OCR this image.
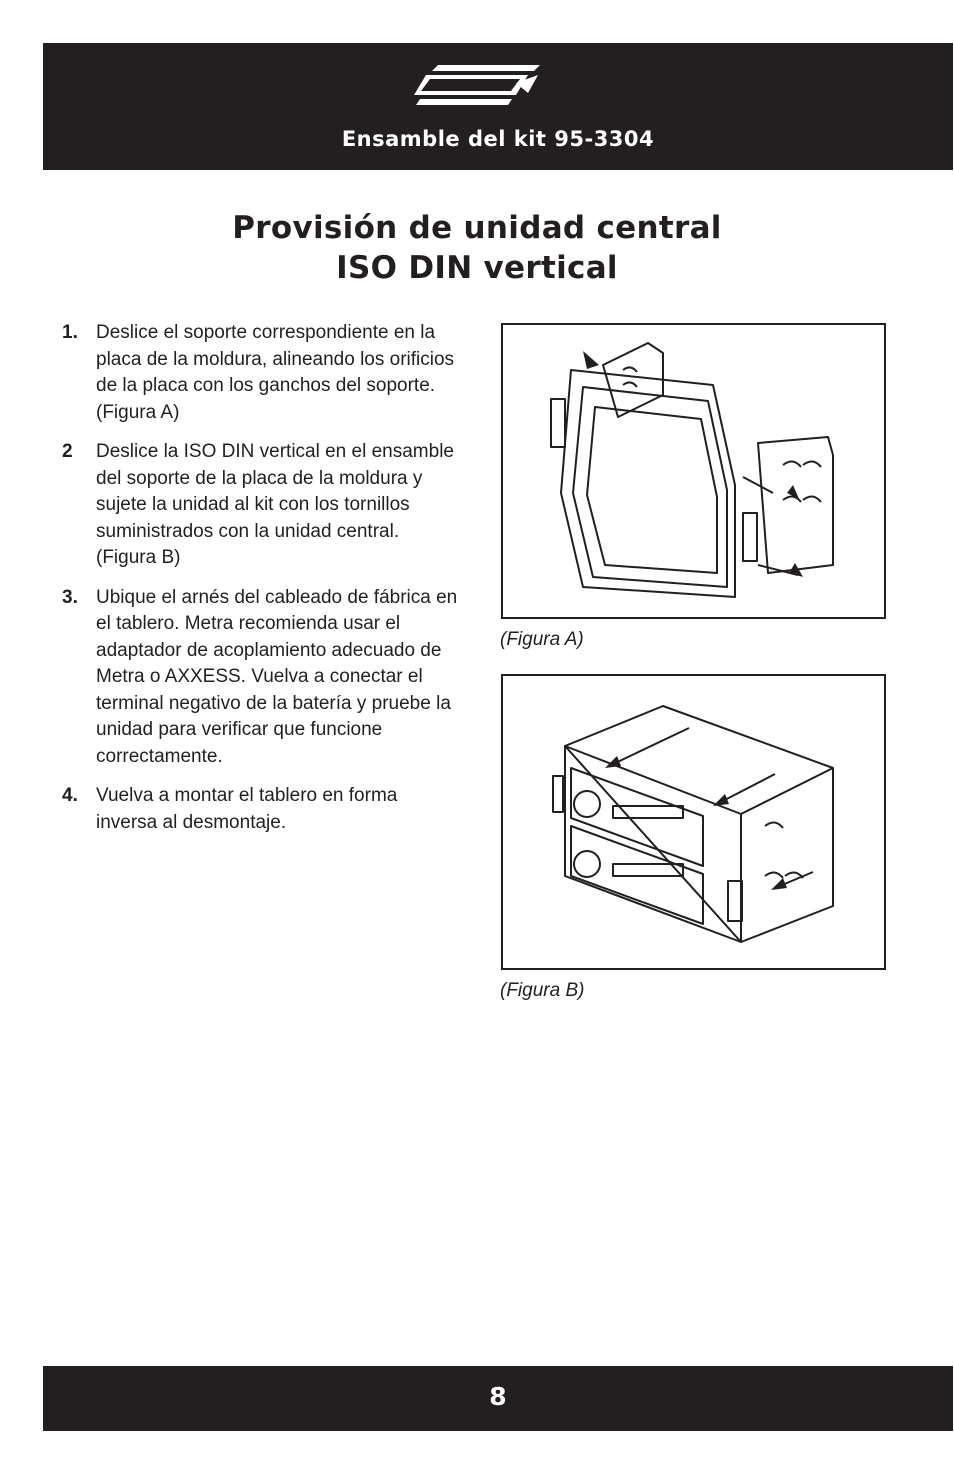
Ensamble del kit 95-3304
Provisión de unidad central
ISO DIN vertical
1. Deslice el soporte correspondiente en la placa de la moldura, alineando los orificios de la placa con los ganchos del soporte. (Figura A)
2 Deslice la ISO DIN vertical en el ensamble del soporte de la placa de la moldura y sujete la unidad al kit con los tornillos suministrados con la unidad central. (Figura B)
3. Ubique el arnés del cableado de fábrica en el tablero. Metra recomienda usar el adaptador de acoplamiento adecuado de Metra o AXXESS. Vuelva a conectar el terminal negativo de la batería y pruebe la unidad para verificar que funcione correctamente.
4. Vuelva a montar el tablero en forma inversa al desmontaje.
(Figura A)
(Figura B)
8
